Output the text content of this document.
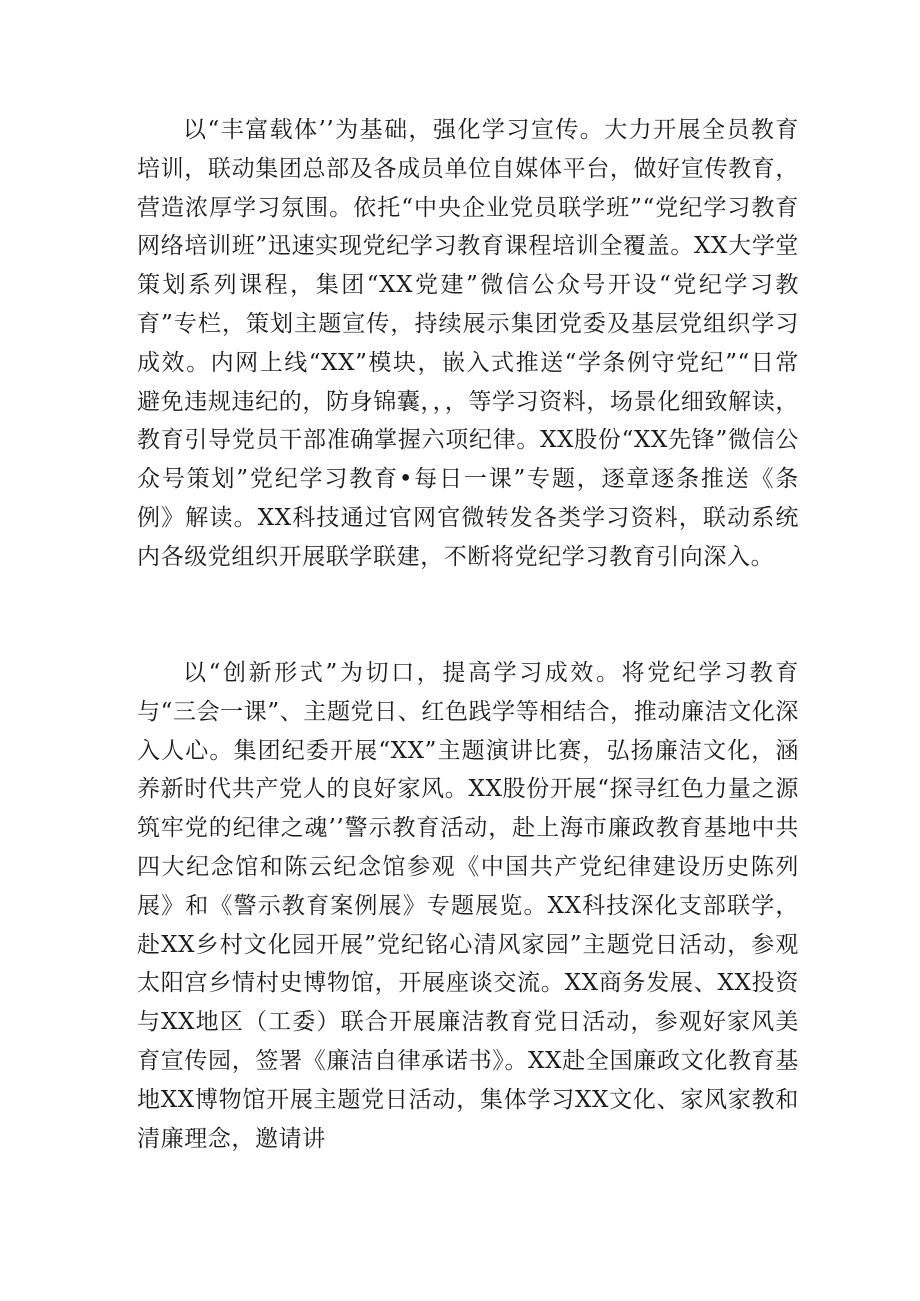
以“丰富载体’’为基础，强化学习宣传。大力开展全员教育培训，联动集团总部及各成员单位自媒体平台，做好宣传教育，营造浓厚学习氛围。依托“中央企业党员联学班”“党纪学习教育网络培训班”迅速实现党纪学习教育课程培训全覆盖。XX大学堂策划系列课程，集团“XX党建”微信公众号开设“党纪学习教育”专栏，策划主题宣传，持续展示集团党委及基层党组织学习成效。内网上线“XX”模块，嵌入式推送“学条例守党纪”“日常避免违规违纪的，防身锦囊，，，等学习资料，场景化细致解读，教育引导党员干部准确掌握六项纪律。XX股份“XX先锋”微信公众号策划”党纪学习教育•每日一课”专题，逐章逐条推送《条例》解读。XX科技通过官网官微转发各类学习资料，联动系统内各级党组织开展联学联建，不断将党纪学习教育引向深入。

以“创新形式”为切口，提高学习成效。将党纪学习教育与“三会一课”、主题党日、红色践学等相结合，推动廉洁文化深入人心。集团纪委开展“XX”主题演讲比赛，弘扬廉洁文化，涵养新时代共产党人的良好家风。XX股份开展“探寻红色力量之源筑牢党的纪律之魂’’警示教育活动，赴上海市廉政教育基地中共四大纪念馆和陈云纪念馆参观《中国共产党纪律建设历史陈列展》和《警示教育案例展》专题展览。XX科技深化支部联学，赴XX乡村文化园开展”党纪铭心清风家园”主题党日活动，参观太阳宫乡情村史博物馆，开展座谈交流。XX商务发展、XX投资与XX地区（工委）联合开展廉洁教育党日活动，参观好家风美育宣传园，签署《廉洁自律承诺书》。XX赴全国廉政文化教育基地XX博物馆开展主题党日活动，集体学习XX文化、家风家教和清廉理念，邀请讲
